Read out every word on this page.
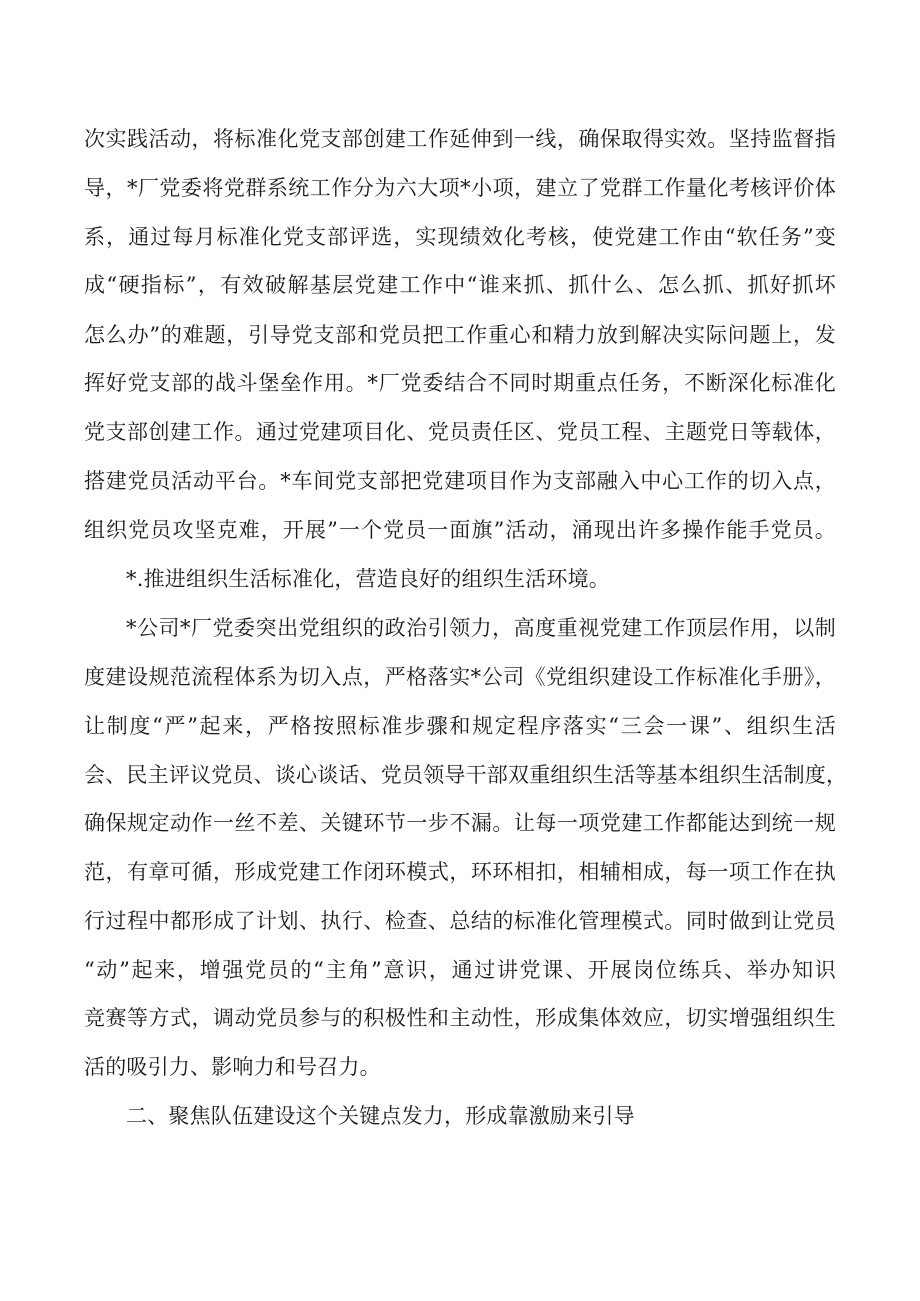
次实践活动，将标准化党支部创建工作延伸到一线，确保取得实效。坚持监督指
导，*厂党委将党群系统工作分为六大项*小项，建立了党群工作量化考核评价体
系，通过每月标准化党支部评选，实现绩效化考核，使党建工作由“软任务”变
成“硬指标”，有效破解基层党建工作中“谁来抓、抓什么、怎么抓、抓好抓坏
怎么办”的难题，引导党支部和党员把工作重心和精力放到解决实际问题上，发
挥好党支部的战斗堡垒作用。*厂党委结合不同时期重点任务，不断深化标准化
党支部创建工作。通过党建项目化、党员责任区、党员工程、主题党日等载体，
搭建党员活动平台。*车间党支部把党建项目作为支部融入中心工作的切入点，
组织党员攻坚克难，开展”一个党员一面旗”活动，涌现出许多操作能手党员。
*.推进组织生活标准化，营造良好的组织生活环境。
*公司*厂党委突出党组织的政治引领力，高度重视党建工作顶层作用，以制
度建设规范流程体系为切入点，严格落实*公司《党组织建设工作标准化手册》，
让制度“严”起来，严格按照标准步骤和规定程序落实“三会一课”、组织生活
会、民主评议党员、谈心谈话、党员领导干部双重组织生活等基本组织生活制度，
确保规定动作一丝不差、关键环节一步不漏。让每一项党建工作都能达到统一规
范，有章可循，形成党建工作闭环模式，环环相扣，相辅相成，每一项工作在执
行过程中都形成了计划、执行、检查、总结的标准化管理模式。同时做到让党员
“动”起来，增强党员的“主角”意识，通过讲党课、开展岗位练兵、举办知识
竞赛等方式，调动党员参与的积极性和主动性，形成集体效应，切实增强组织生
活的吸引力、影响力和号召力。
二、聚焦队伍建设这个关键点发力，形成靠激励来引导
